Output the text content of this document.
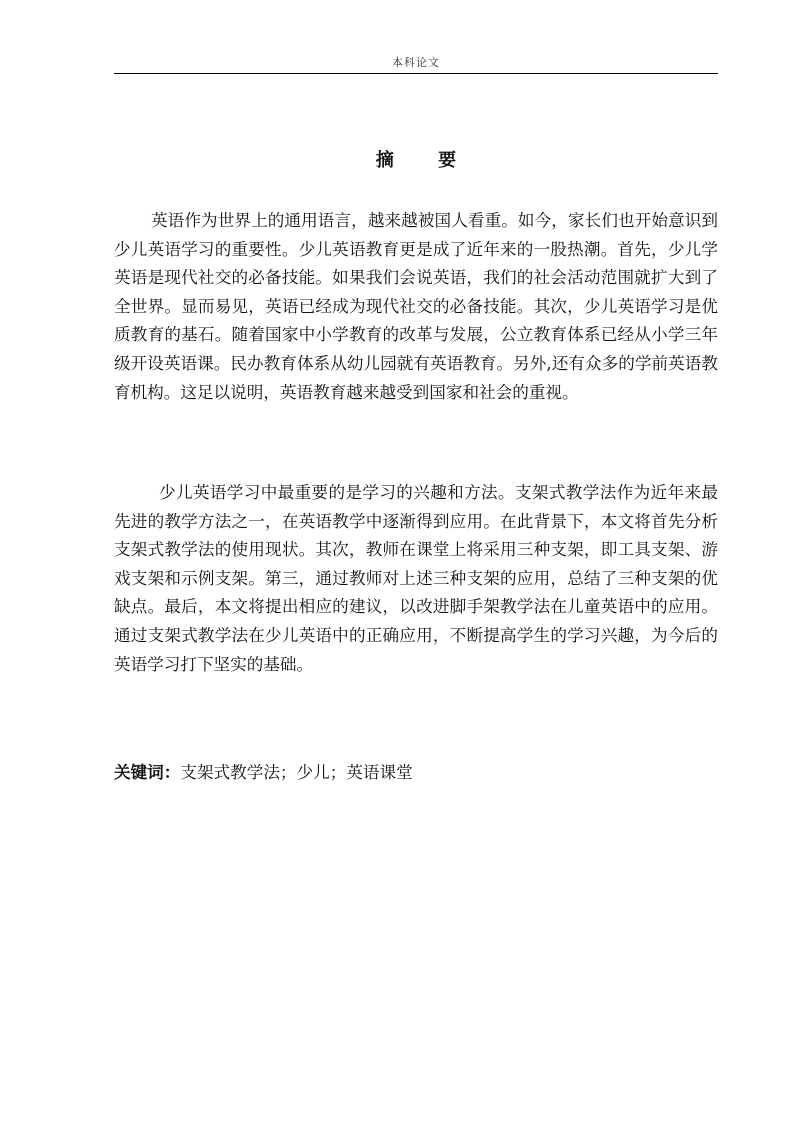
本科论文
摘 要

英语作为世界上的通用语言，越来越被国人看重。如今，家长们也开始意识到少儿英语学习的重要性。少儿英语教育更是成了近年来的一股热潮。首先，少儿学英语是现代社交的必备技能。如果我们会说英语，我们的社会活动范围就扩大到了全世界。显而易见，英语已经成为现代社交的必备技能。其次，少儿英语学习是优质教育的基石。随着国家中小学教育的改革与发展，公立教育体系已经从小学三年级开设英语课。民办教育体系从幼儿园就有英语教育。另外,还有众多的学前英语教育机构。这足以说明，英语教育越来越受到国家和社会的重视。

少儿英语学习中最重要的是学习的兴趣和方法。支架式教学法作为近年来最先进的教学方法之一，在英语教学中逐渐得到应用。在此背景下，本文将首先分析支架式教学法的使用现状。其次，教师在课堂上将采用三种支架，即工具支架、游戏支架和示例支架。第三，通过教师对上述三种支架的应用，总结了三种支架的优缺点。最后，本文将提出相应的建议，以改进脚手架教学法在儿童英语中的应用。 通过支架式教学法在少儿英语中的正确应用，不断提高学生的学习兴趣，为今后的英语学习打下坚实的基础。

关键词：支架式教学法；少儿；英语课堂
